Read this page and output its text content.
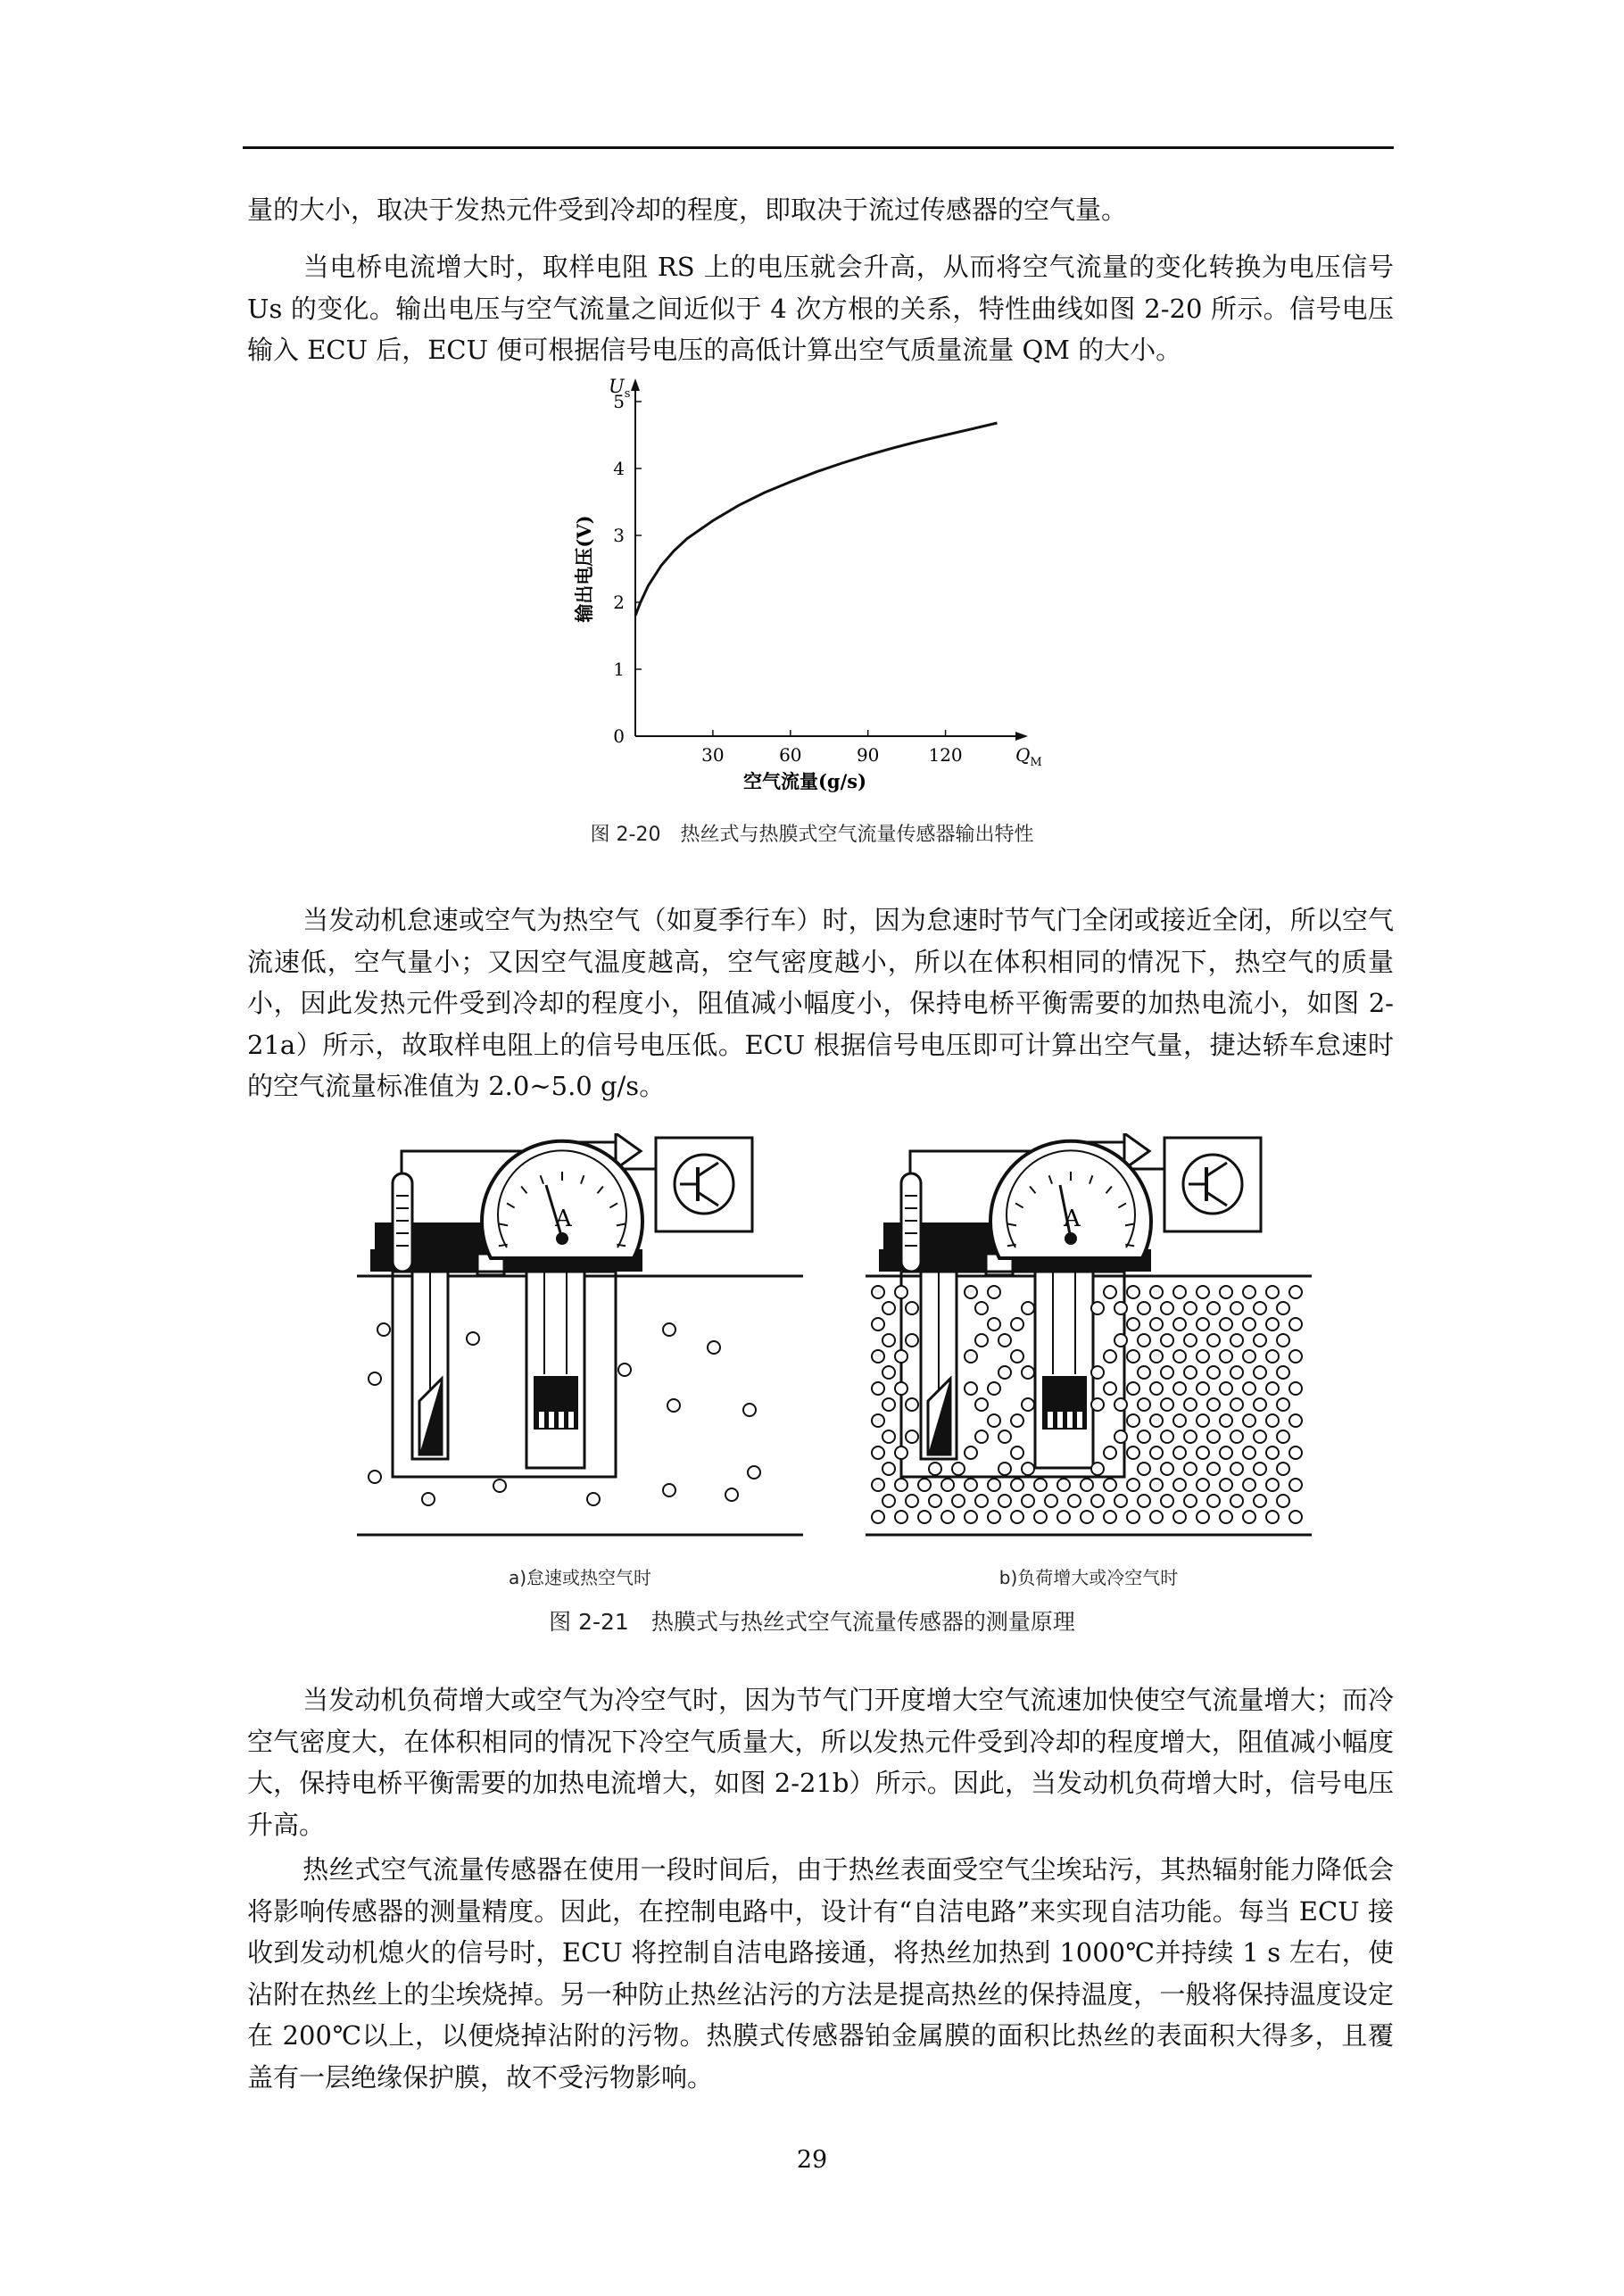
量的大小，取决于发热元件受到冷却的程度，即取决于流过传感器的空气量。

当电桥电流增大时，取样电阻 RS 上的电压就会升高，从而将空气流量的变化转换为电压信号 Us 的变化。输出电压与空气流量之间近似于 4 次方根的关系，特性曲线如图 2-20 所示。信号电压输入 ECU 后，ECU 便可根据信号电压的高低计算出空气质量流量 QM 的大小。

0
1
2
3
4
5
30	60	90	120
$U_s$
$Q_M$
输出电压(V)
空气流量(g/s)
图 2-20　热丝式与热膜式空气流量传感器输出特性

当发动机怠速或空气为热空气（如夏季行车）时，因为怠速时节气门全闭或接近全闭，所以空气流速低，空气量小；又因空气温度越高，空气密度越小，所以在体积相同的情况下，热空气的质量小，因此发热元件受到冷却的程度小，阻值减小幅度小，保持电桥平衡需要的加热电流小，如图 2-21a）所示，故取样电阻上的信号电压低。ECU 根据信号电压即可计算出空气量，捷达轿车怠速时的空气流量标准值为 2.0~5.0 g/s。

A	A
a)怠速或热空气时	b)负荷增大或冷空气时
图 2-21　热膜式与热丝式空气流量传感器的测量原理

当发动机负荷增大或空气为冷空气时，因为节气门开度增大空气流速加快使空气流量增大；而冷空气密度大，在体积相同的情况下冷空气质量大，所以发热元件受到冷却的程度增大，阻值减小幅度大，保持电桥平衡需要的加热电流增大，如图 2-21b）所示。因此，当发动机负荷增大时，信号电压升高。

热丝式空气流量传感器在使用一段时间后，由于热丝表面受空气尘埃玷污，其热辐射能力降低会将影响传感器的测量精度。因此，在控制电路中，设计有“自洁电路”来实现自洁功能。每当 ECU 接收到发动机熄火的信号时，ECU 将控制自洁电路接通，将热丝加热到 1000℃并持续 1 s 左右，使沾附在热丝上的尘埃烧掉。另一种防止热丝沾污的方法是提高热丝的保持温度，一般将保持温度设定在 200℃以上，以便烧掉沾附的污物。热膜式传感器铂金属膜的面积比热丝的表面积大得多，且覆盖有一层绝缘保护膜，故不受污物影响。

29
